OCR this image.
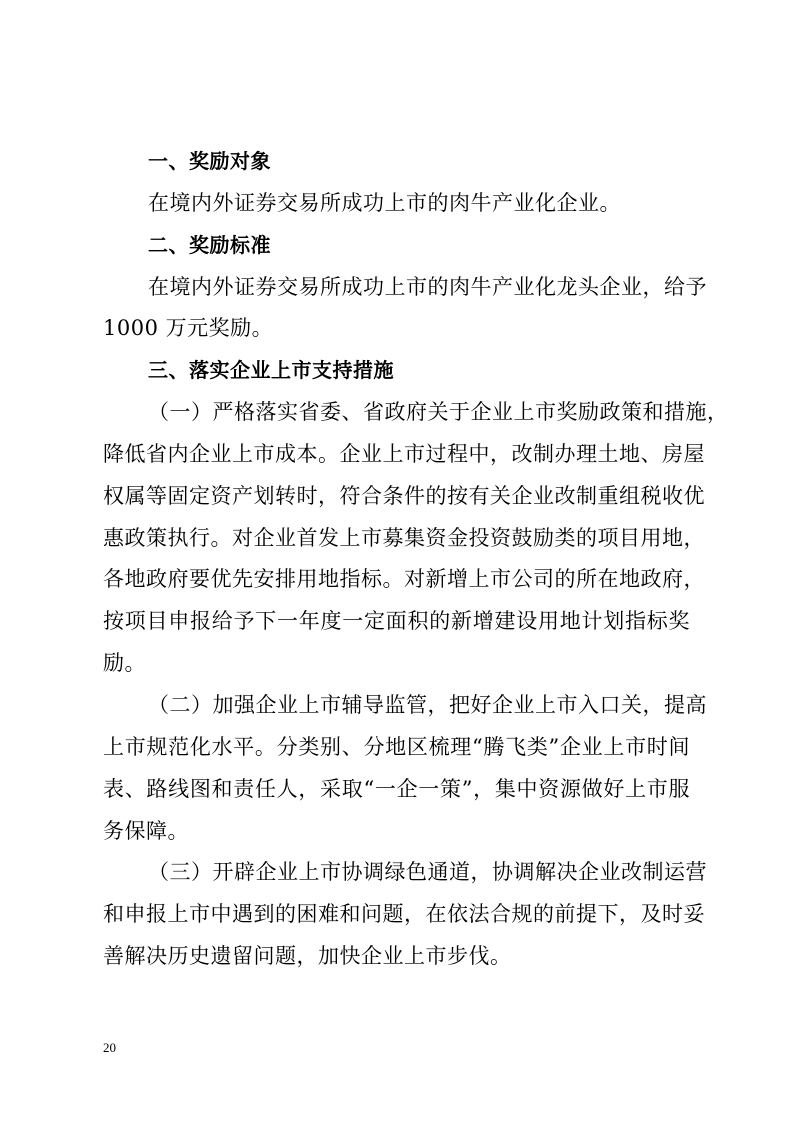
一、奖励对象
在境内外证券交易所成功上市的肉牛产业化企业。
二、奖励标准
在境内外证券交易所成功上市的肉牛产业化龙头企业，给予
1000 万元奖励。
三、落实企业上市支持措施
（一）严格落实省委、省政府关于企业上市奖励政策和措施，
降低省内企业上市成本。企业上市过程中，改制办理土地、房屋
权属等固定资产划转时，符合条件的按有关企业改制重组税收优
惠政策执行。对企业首发上市募集资金投资鼓励类的项目用地，
各地政府要优先安排用地指标。对新增上市公司的所在地政府，
按项目申报给予下一年度一定面积的新增建设用地计划指标奖
励。
（二）加强企业上市辅导监管，把好企业上市入口关，提高
上市规范化水平。分类别、分地区梳理“腾飞类”企业上市时间
表、路线图和责任人，采取“一企一策”，集中资源做好上市服
务保障。
（三）开辟企业上市协调绿色通道，协调解决企业改制运营
和申报上市中遇到的困难和问题，在依法合规的前提下，及时妥
善解决历史遗留问题，加快企业上市步伐。
20
